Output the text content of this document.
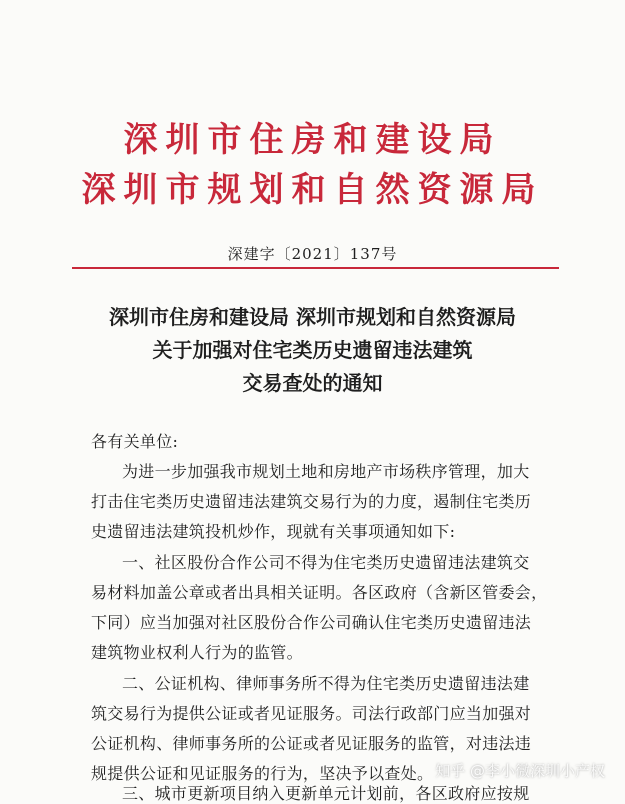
深圳市住房和建设局
深圳市规划和自然资源局
深建字〔2021〕137号
深圳市住房和建设局 深圳市规划和自然资源局
关于加强对住宅类历史遗留违法建筑
交易查处的通知
各有关单位:
为进一步加强我市规划土地和房地产市场秩序管理，加大
打击住宅类历史遗留违法建筑交易行为的力度，遏制住宅类历
史遗留违法建筑投机炒作，现就有关事项通知如下:
一、社区股份合作公司不得为住宅类历史遗留违法建筑交
易材料加盖公章或者出具相关证明。各区政府（含新区管委会，
下同）应当加强对社区股份合作公司确认住宅类历史遗留违法
建筑物业权利人行为的监管。
二、公证机构、律师事务所不得为住宅类历史遗留违法建
筑交易行为提供公证或者见证服务。司法行政部门应当加强对
公证机构、律师事务所的公证或者见证服务的监管，对违法违
规提供公证和见证服务的行为，坚决予以查处。
三、城市更新项目纳入更新单元计划前，各区政府应按规
知乎 @李小微深圳小产权
